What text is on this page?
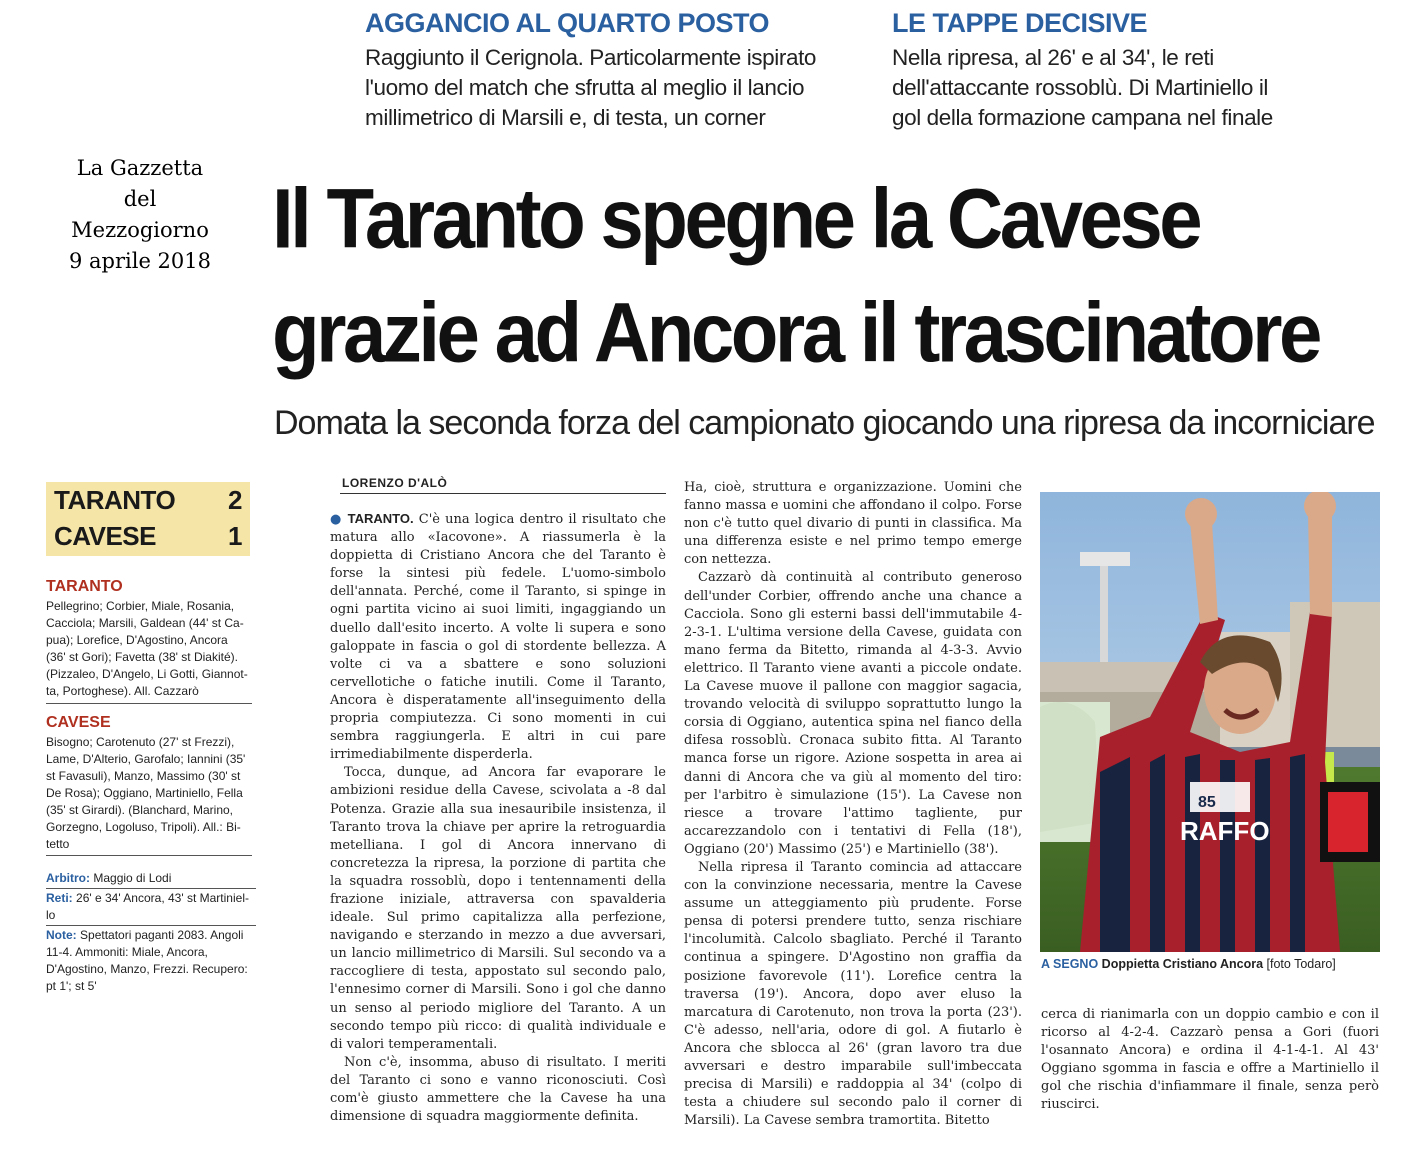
AGGANCIO AL QUARTO POSTO
Raggiunto il Cerignola. Particolarmente ispirato
l'uomo del match che sfrutta al meglio il lancio
millimetrico di Marsili e, di testa, un corner
LE TAPPE DECISIVE
Nella ripresa, al 26' e al 34', le reti
dell'attaccante rossoblù. Di Martiniello il
gol della formazione campana nel finale
La Gazzetta
del
Mezzogiorno
9 aprile 2018 Il Taranto spegne la Cavese
grazie ad Ancora il trascinatore
Domata la seconda forza del campionato giocando una ripresa da incorniciare
TARANTO 2
CAVESE	1
TARANTO
Pellegrino; Corbier, Miale, Rosania,
Cacciola; Marsili, Galdean (44' st Ca-
pua); Lorefice, D'Agostino, Ancora
(36' st Gori); Favetta (38' st Diakité).
(Pizzaleo, D'Angelo, Li Gotti, Giannot-
ta, Portoghese). All. Cazzarò
CAVESE
Bisogno; Carotenuto (27' st Frezzi),
Lame, D'Alterio, Garofalo; Iannini (35'
st Favasuli), Manzo, Massimo (30' st
De Rosa); Oggiano, Martiniello, Fella
(35' st Girardi). (Blanchard, Marino,
Gorzegno, Logoluso, Tripoli). All.: Bi-
tetto
Arbitro: Maggio di Lodi
Reti: 26' e 34' Ancora, 43' st Martiniel-
lo
Note: Spettatori paganti 2083. Angoli
11-4. Ammoniti: Miale, Ancora,
D'Agostino, Manzo, Frezzi. Recupero:
pt 1'; st 5'
LORENZO D'ALÒ

● TARANTO. C'è una logica dentro il risultato che matura allo «Iacovone». A riassumerla è la doppietta di Cristiano Ancora che del Taranto è forse la sintesi più fedele. L'uomo-simbolo dell'annata. Perché, come il Taranto, si spinge in ogni partita vicino ai suoi limiti, ingaggiando un duello dall'esito incerto. A volte li supera e sono galoppate in fascia o gol di stordente bellezza. A volte ci va a sbattere e sono soluzioni cervellotiche o fatiche inutili. Come il Taranto, Ancora è disperatamente all'inseguimento della propria compiutezza. Ci sono momenti in cui sembra raggiungerla. E altri in cui pare irrimediabilmente disperderla.

Tocca, dunque, ad Ancora far evaporare le ambizioni residue della Cavese, scivolata a -8 dal Potenza. Grazie alla sua inesauribile insistenza, il Taranto trova la chiave per aprire la retroguardia metelliana. I gol di Ancora innervano di concretezza la ripresa, la porzione di partita che la squadra rossoblù, dopo i tentennamenti della frazione iniziale, attraversa con spavalderia ideale. Sul primo capitalizza alla perfezione, navigando e sterzando in mezzo a due avversari, un lancio millimetrico di Marsili. Sul secondo va a raccogliere di testa, appostato sul secondo palo, l'ennesimo corner di Marsili. Sono i gol che danno un senso al periodo migliore del Taranto. A un secondo tempo più ricco: di qualità individuale e di valori temperamentali.

Non c'è, insomma, abuso di risultato. I meriti del Taranto ci sono e vanno riconosciuti. Così com'è giusto ammettere che la Cavese ha una dimensione di squadra maggiormente definita.

Ha, cioè, struttura e organizzazione. Uomini che fanno massa e uomini che affondano il colpo. Forse non c'è tutto quel divario di punti in classifica. Ma una differenza esiste e nel primo tempo emerge con nettezza.

Cazzarò dà continuità al contributo generoso dell'under Corbier, offrendo anche una chance a Cacciola. Sono gli esterni bassi dell'immutabile 4-2-3-1. L'ultima versione della Cavese, guidata con mano ferma da Bitetto, rimanda al 4-3-3. Avvio elettrico. Il Taranto viene avanti a piccole ondate. La Cavese muove il pallone con maggior sagacia, trovando velocità di sviluppo soprattutto lungo la corsia di Oggiano, autentica spina nel fianco della difesa rossoblù. Cronaca subito fitta. Al Taranto manca forse un rigore. Azione sospetta in area ai danni di Ancora che va giù al momento del tiro: per l'arbitro è simulazione (15'). La Cavese non riesce a trovare l'attimo tagliente, pur accarezzandolo con i tentativi di Fella (18'), Oggiano (20') Massimo (25') e Martiniello (38').

Nella ripresa il Taranto comincia ad attaccare con la convinzione necessaria, mentre la Cavese assume un atteggiamento più prudente. Forse pensa di potersi prendere tutto, senza rischiare l'incolumità. Calcolo sbagliato. Perché il Taranto continua a spingere. D'Agostino non graffia da posizione favorevole (11'). Lorefice centra la traversa (19'). Ancora, dopo aver eluso la marcatura di Carotenuto, non trova la porta (23'). C'è adesso, nell'aria, odore di gol. A fiutarlo è Ancora che sblocca al 26' (gran lavoro tra due avversari e destro imparabile sull'imbeccata precisa di Marsili) e raddoppia al 34' (colpo di testa a chiudere sul secondo palo il corner di Marsili). La Cavese sembra tramortita. Bitetto

85
RAFFO
A SEGNO Doppietta Cristiano Ancora [foto Todaro]

cerca di rianimarla con un doppio cambio e con il ricorso al 4-2-4. Cazzarò pensa a Gori (fuori l'osannato Ancora) e ordina il 4-1-4-1. Al 43' Oggiano sgomma in fascia e offre a Martiniello il gol che rischia d'infiammare il finale, senza però riuscirci.
